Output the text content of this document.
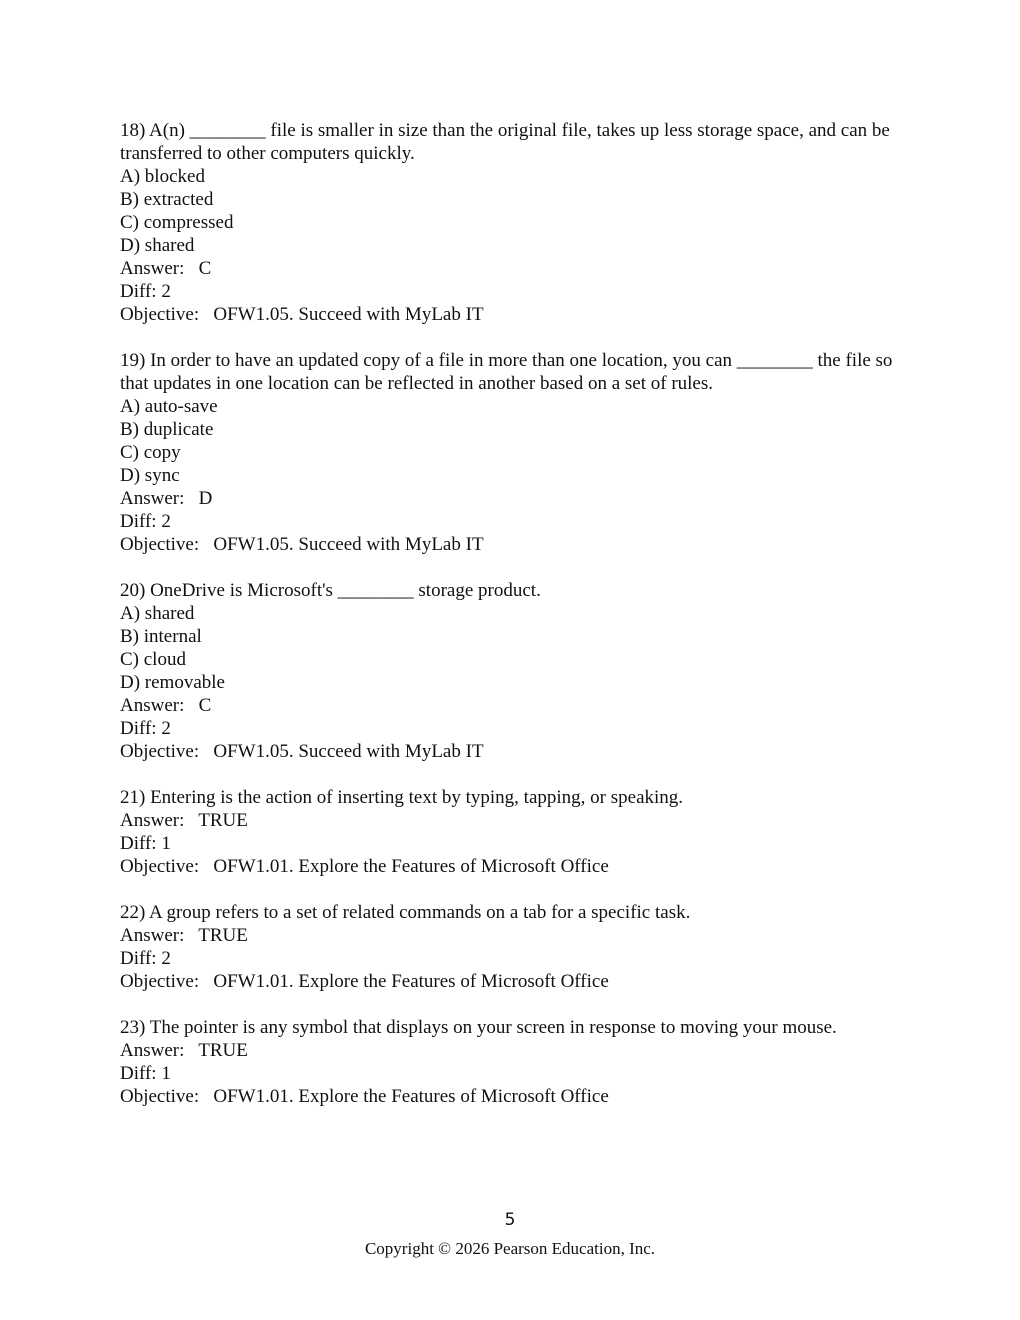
18) A(n) ________ file is smaller in size than the original file, takes up less storage space, and can be transferred to other computers quickly.
A) blocked
B) extracted
C) compressed
D) shared
Answer:   C
Diff: 2
Objective:   OFW1.05. Succeed with MyLab IT
19) In order to have an updated copy of a file in more than one location, you can ________ the file so that updates in one location can be reflected in another based on a set of rules.
A) auto-save
B) duplicate
C) copy
D) sync
Answer:   D
Diff: 2
Objective:   OFW1.05. Succeed with MyLab IT
20) OneDrive is Microsoft's ________ storage product.
A) shared
B) internal
C) cloud
D) removable
Answer:   C
Diff: 2
Objective:   OFW1.05. Succeed with MyLab IT
21) Entering is the action of inserting text by typing, tapping, or speaking.
Answer:   TRUE
Diff: 1
Objective:   OFW1.01. Explore the Features of Microsoft Office
22) A group refers to a set of related commands on a tab for a specific task.
Answer:   TRUE
Diff: 2
Objective:   OFW1.01. Explore the Features of Microsoft Office
23) The pointer is any symbol that displays on your screen in response to moving your mouse.
Answer:   TRUE
Diff: 1
Objective:   OFW1.01. Explore the Features of Microsoft Office
5
Copyright © 2026 Pearson Education, Inc.
